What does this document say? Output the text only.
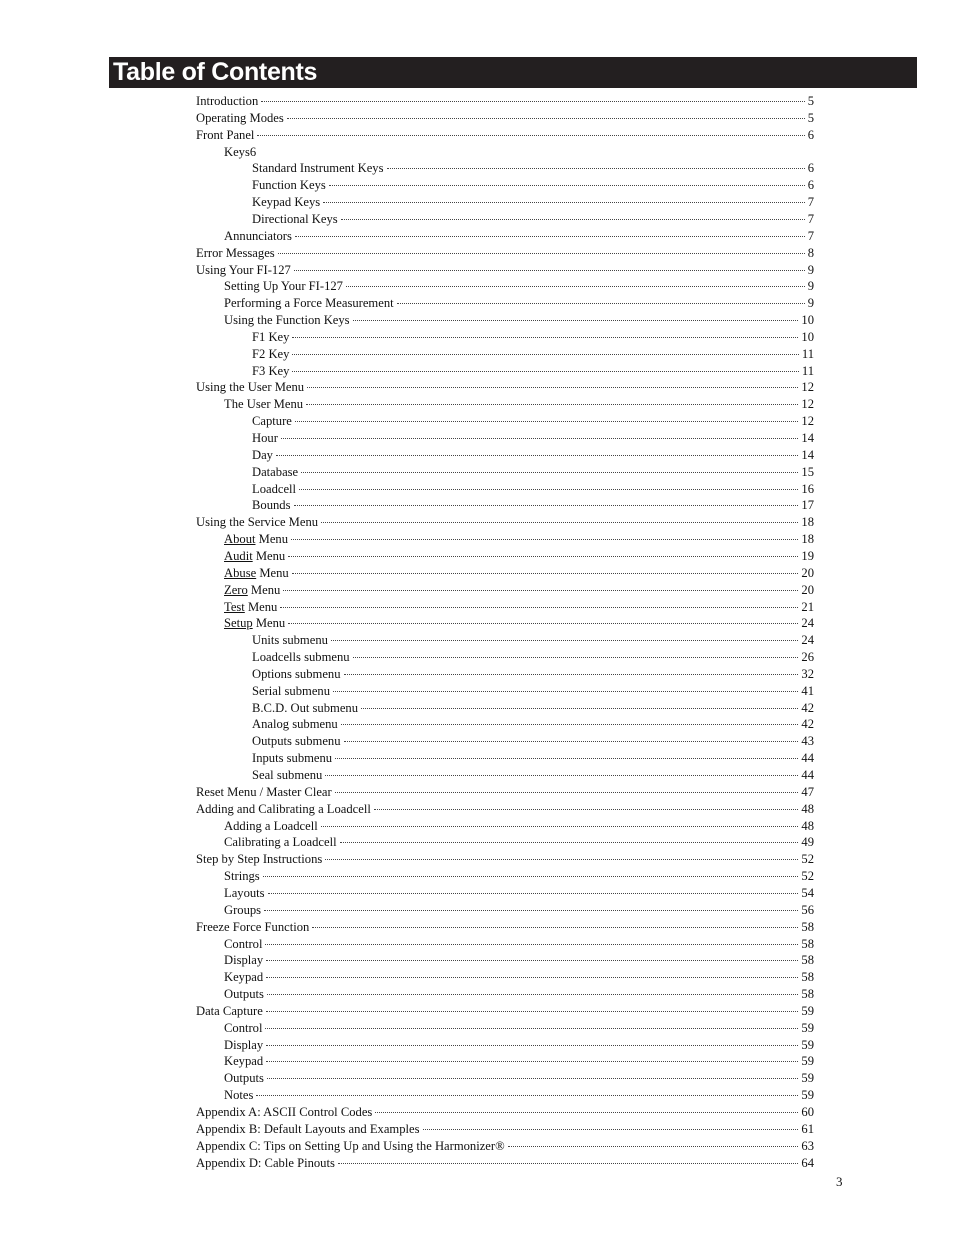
Table of Contents
Introduction	5
Operating Modes	5
Front Panel	6
Keys6
Standard Instrument Keys	6
Function Keys	6
Keypad Keys	7
Directional Keys	7
Annunciators	7
Error Messages	8
Using Your FI-127	9
Setting Up Your FI-127	9
Performing a Force Measurement	9
Using the Function Keys	10
F1 Key	10
F2 Key	11
F3 Key	11
Using the User Menu	12
The User Menu	12
Capture	12
Hour	14
Day	14
Database	15
Loadcell	16
Bounds	17
Using the Service Menu	18
About Menu	18
Audit Menu	19
Abuse Menu	20
Zero Menu	20
Test Menu	21
Setup Menu	24
Units submenu	24
Loadcells submenu	26
Options submenu	32
Serial submenu	41
B.C.D. Out submenu	42
Analog submenu	42
Outputs submenu	43
Inputs submenu	44
Seal submenu	44
Reset Menu / Master Clear	47
Adding and Calibrating a Loadcell	48
Adding a Loadcell	48
Calibrating a Loadcell	49
Step by Step Instructions	52
Strings	52
Layouts	54
Groups	56
Freeze Force Function	58
Control	58
Display	58
Keypad	58
Outputs	58
Data Capture	59
Control	59
Display	59
Keypad	59
Outputs	59
Notes	59
Appendix A: ASCII Control Codes	60
Appendix B: Default Layouts and Examples	61
Appendix C: Tips on Setting Up and Using the Harmonizer®	63
Appendix D: Cable Pinouts	64
3
